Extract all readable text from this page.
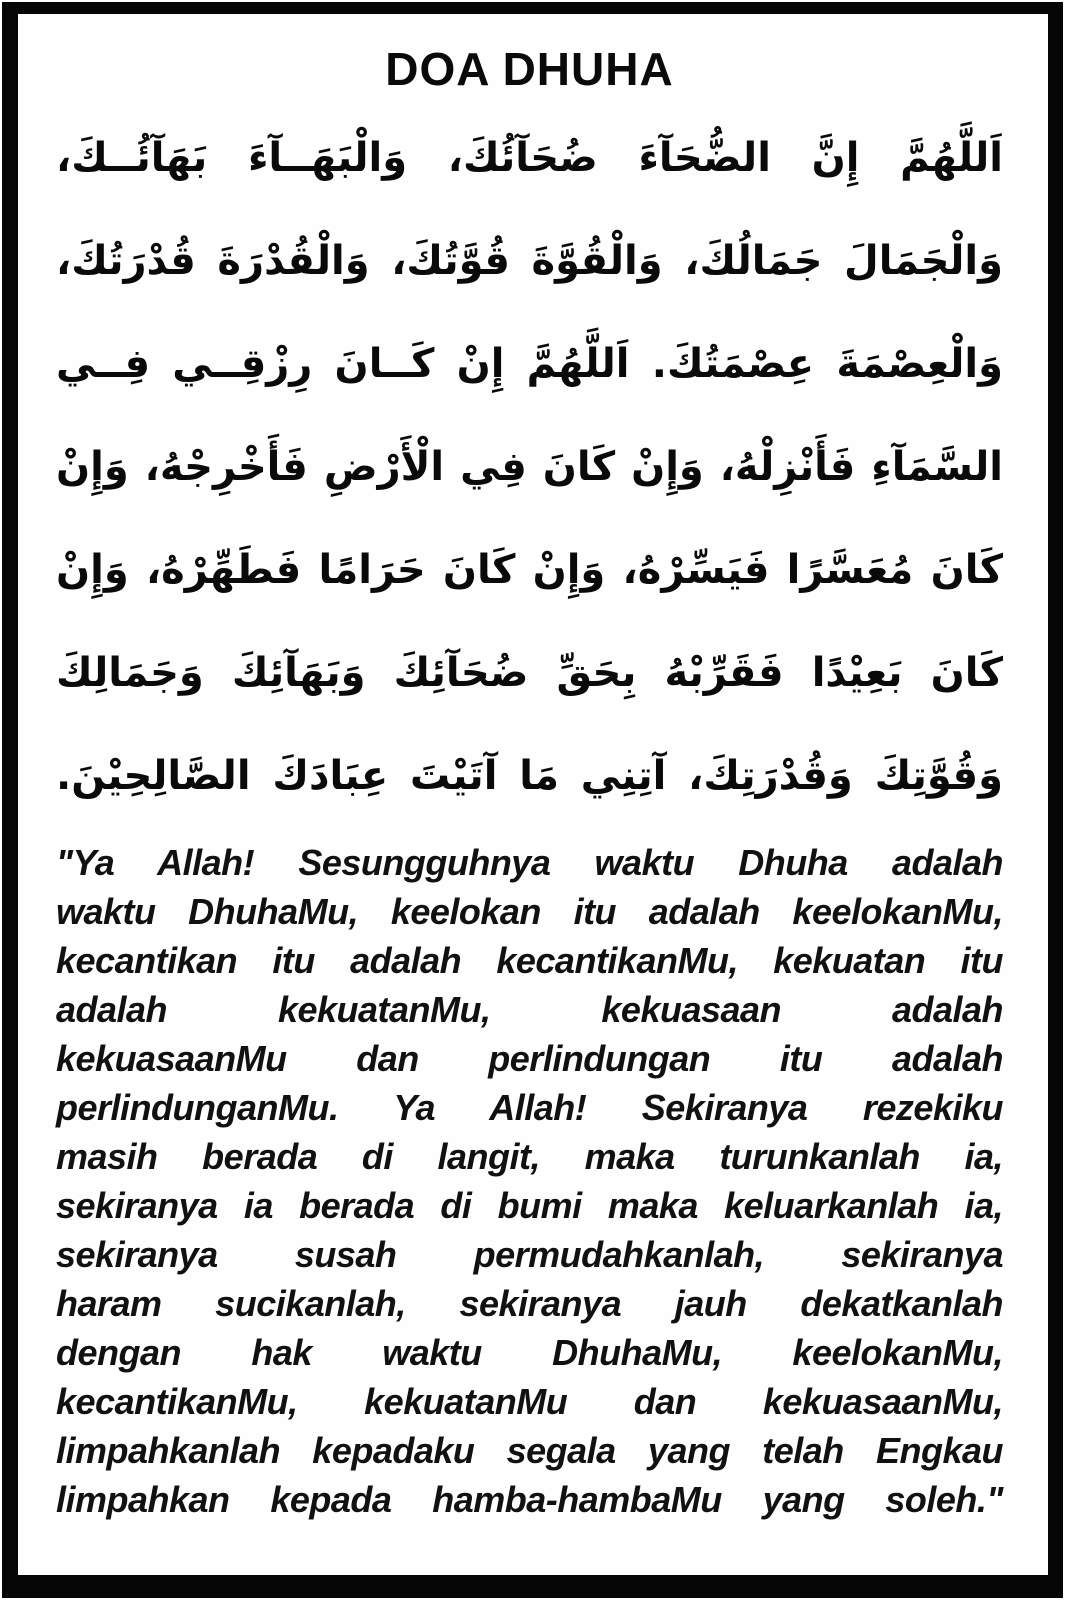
DOA DHUHA
اَللَّهُمَّ إِنَّ الضُّحَآءَ ضُحَآئُكَ، وَالْبَهَــآءَ بَهَآئُــكَ،
وَالْجَمَالَ جَمَالُكَ، وَالْقُوَّةَ قُوَّتُكَ، وَالْقُدْرَةَ قُدْرَتُكَ،
وَالْعِصْمَةَ عِصْمَتُكَ. اَللَّهُمَّ إِنْ كَــانَ رِزْقِــي فِــي
السَّمَآءِ فَأَنْزِلْهُ، وَإِنْ كَانَ فِي الْأَرْضِ فَأَخْرِجْهُ، وَإِنْ
كَانَ مُعَسَّرًا فَيَسِّرْهُ، وَإِنْ كَانَ حَرَامًا فَطَهِّرْهُ، وَإِنْ
كَانَ بَعِيْدًا فَقَرِّبْهُ بِحَقِّ ضُحَآئِكَ وَبَهَآئِكَ وَجَمَالِكَ
وَقُوَّتِكَ وَقُدْرَتِكَ، آتِنِي مَا آتَيْتَ عِبَادَكَ الصَّالِحِيْنَ.
"Ya Allah! Sesungguhnya waktu Dhuha adalah
waktu DhuhaMu, keelokan itu adalah keelokanMu,
kecantikan itu adalah kecantikanMu, kekuatan itu
adalah kekuatanMu, kekuasaan adalah
kekuasaanMu dan perlindungan itu adalah
perlindunganMu. Ya Allah! Sekiranya rezekiku
masih berada di langit, maka turunkanlah ia,
sekiranya ia berada di bumi maka keluarkanlah ia,
sekiranya susah permudahkanlah, sekiranya
haram sucikanlah, sekiranya jauh dekatkanlah
dengan hak waktu DhuhaMu, keelokanMu,
kecantikanMu, kekuatanMu dan kekuasaanMu,
limpahkanlah kepadaku segala yang telah Engkau
limpahkan kepada hamba-hambaMu yang soleh."
